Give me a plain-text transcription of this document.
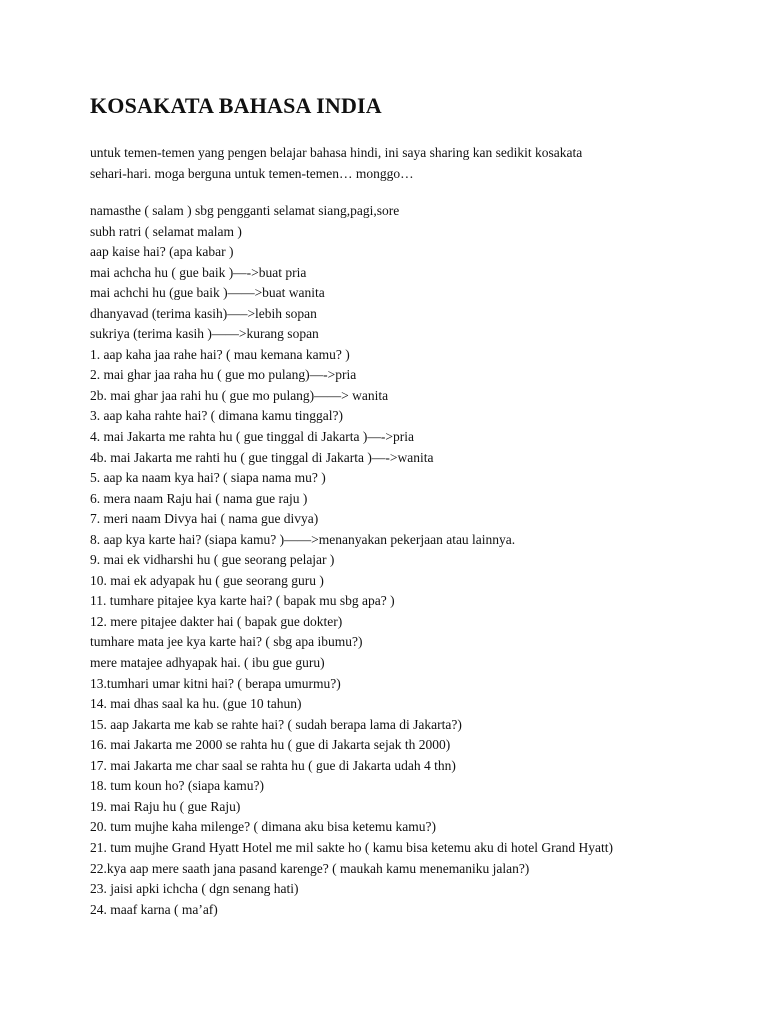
KOSAKATA BAHASA INDIA

untuk temen-temen yang pengen belajar bahasa hindi, ini saya sharing kan sedikit kosakata

sehari-hari. moga berguna untuk temen-temen… monggo…

namasthe ( salam ) sbg pengganti selamat siang,pagi,sore
subh ratri ( selamat malam )
aap kaise hai? (apa kabar )
mai achcha hu ( gue baik )—->buat pria
mai achchi hu (gue baik )——>buat wanita
dhanyavad (terima kasih)—–>lebih sopan
sukriya (terima kasih )——>kurang sopan
1. aap kaha jaa rahe hai? ( mau kemana kamu? )
2. mai ghar jaa raha hu ( gue mo pulang)—->pria
2b. mai ghar jaa rahi hu ( gue mo pulang)——> wanita
3. aap kaha rahte hai? ( dimana kamu tinggal?)
4. mai Jakarta me rahta hu ( gue tinggal di Jakarta )—->pria
4b. mai Jakarta me rahti hu ( gue tinggal di Jakarta )—->wanita
5. aap ka naam kya hai? ( siapa nama mu? )
6. mera naam Raju hai ( nama gue raju )
7. meri naam Divya hai ( nama gue divya)
8. aap kya karte hai? (siapa kamu? )——>menanyakan pekerjaan atau lainnya.
9. mai ek vidharshi hu ( gue seorang pelajar )
10. mai ek adyapak hu ( gue seorang guru )
11. tumhare pitajee kya karte hai? ( bapak mu sbg apa? )
12. mere pitajee dakter hai ( bapak gue dokter)
tumhare mata jee kya karte hai? ( sbg apa ibumu?)
mere matajee adhyapak hai. ( ibu gue guru)
13.tumhari umar kitni hai? ( berapa umurmu?)
14. mai dhas saal ka hu. (gue 10 tahun)
15. aap Jakarta me kab se rahte hai? ( sudah berapa lama di Jakarta?)
16. mai Jakarta me 2000 se rahta hu ( gue di Jakarta sejak th 2000)
17. mai Jakarta me char saal se rahta hu ( gue di Jakarta udah 4 thn)
18. tum koun ho? (siapa kamu?)
19. mai Raju hu ( gue Raju)
20. tum mujhe kaha milenge? ( dimana aku bisa ketemu kamu?)
21. tum mujhe Grand Hyatt Hotel me mil sakte ho ( kamu bisa ketemu aku di hotel Grand Hyatt)
22.kya aap mere saath jana pasand karenge? ( maukah kamu menemaniku jalan?)
23. jaisi apki ichcha ( dgn senang hati)
24. maaf karna ( ma’af)
